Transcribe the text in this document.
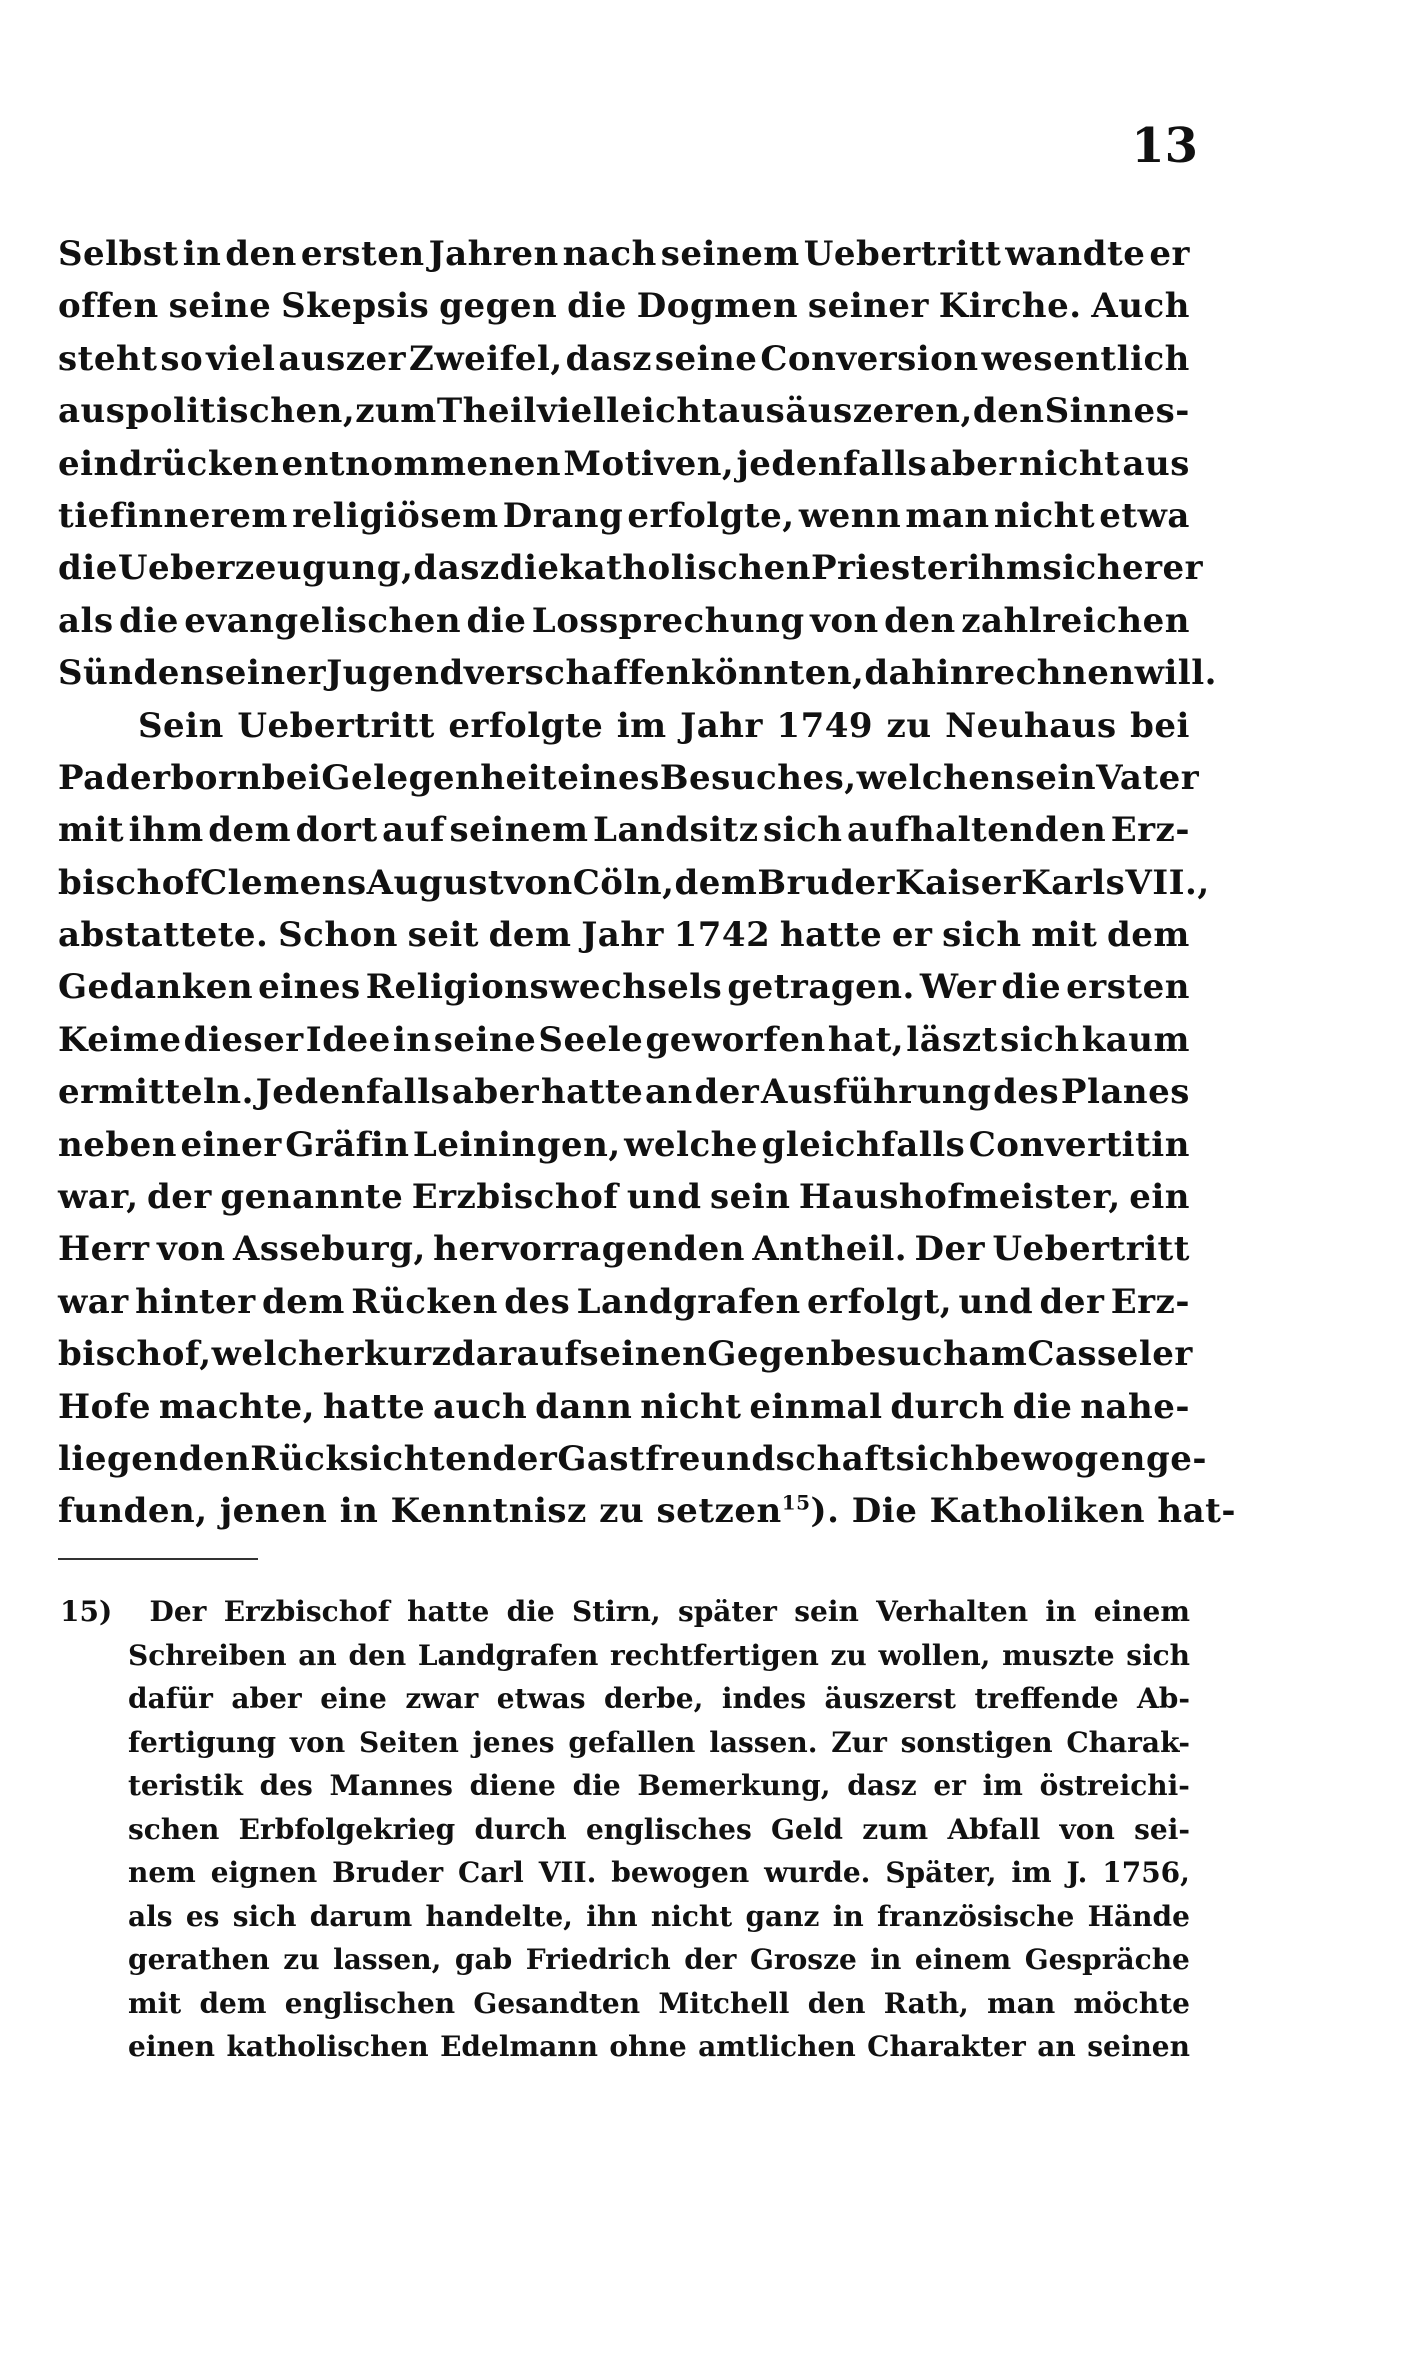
13
Selbst in den ersten Jahren nach seinem Uebertritt wandte er
offen seine Skepsis gegen die Dogmen seiner Kirche. Auch
steht so viel auszer Zweifel, dasz seine Conversion wesentlich
aus politischen, zum Theil vielleicht aus äuszeren, den Sinnes-
eindrücken entnommenen Motiven, jedenfalls aber nicht aus
tiefinnerem religiösem Drang erfolgte, wenn man nicht etwa
die Ueberzeugung, dasz die katholischen Priester ihm sicherer
als die evangelischen die Lossprechung von den zahlreichen
Sünden seiner Jugend verschaffen könnten, dahin rechnen will.
Sein Uebertritt erfolgte im Jahr 1749 zu Neuhaus bei
Paderborn bei Gelegenheit eines Besuches, welchen sein Vater
mit ihm dem dort auf seinem Landsitz sich aufhaltenden Erz-
bischof Clemens August von Cöln, dem Bruder Kaiser Karls VII.,
abstattete. Schon seit dem Jahr 1742 hatte er sich mit dem
Gedanken eines Religionswechsels getragen. Wer die ersten
Keime dieser Idee in seine Seele geworfen hat, läszt sich kaum
ermitteln. Jedenfalls aber hatte an der Ausführung des Planes
neben einer Gräfin Leiningen, welche gleichfalls Convertitin
war, der genannte Erzbischof und sein Haushofmeister, ein
Herr von Asseburg, hervorragenden Antheil. Der Uebertritt
war hinter dem Rücken des Landgrafen erfolgt, und der Erz-
bischof, welcher kurz darauf seinen Gegenbesuch am Casseler
Hofe machte, hatte auch dann nicht einmal durch die nahe-
liegenden Rücksichten der Gastfreundschaft sich bewogen ge-
funden, jenen in Kenntnisz zu setzen$^{15}$ ). Die Katholiken hat-
15) Der Erzbischof hatte die Stirn, später sein Verhalten in einem
Schreiben an den Landgrafen rechtfertigen zu wollen, muszte sich
dafür aber eine zwar etwas derbe, indes äuszerst treffende Ab-
fertigung von Seiten jenes gefallen lassen. Zur sonstigen Charak-
teristik des Mannes diene die Bemerkung, dasz er im östreichi-
schen Erbfolgekrieg durch englisches Geld zum Abfall von sei-
nem eignen Bruder Carl VII. bewogen wurde. Später, im J. 1756,
als es sich darum handelte, ihn nicht ganz in französische Hände
gerathen zu lassen, gab Friedrich der Grosze in einem Gespräche
mit dem englischen Gesandten Mitchell den Rath, man möchte
einen katholischen Edelmann ohne amtlichen Charakter an seinen
